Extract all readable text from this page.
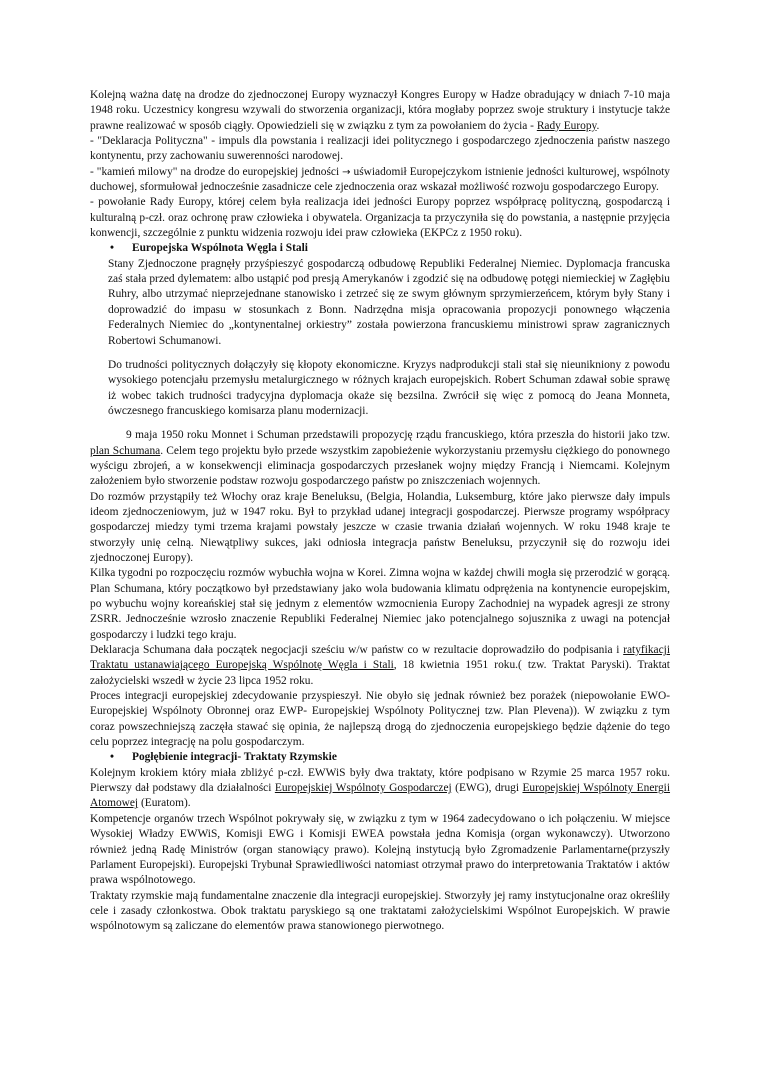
Kolejną ważna datę na drodze do zjednoczonej Europy wyznaczył Kongres Europy w Hadze obradujący w dniach 7-10 maja 1948 roku. Uczestnicy kongresu wzywali do stworzenia organizacji, która mogłaby poprzez swoje struktury i instytucje także prawne realizować w sposób ciągły. Opowiedzieli się w związku z tym za powołaniem do życia - Rady Europy.

- "Deklaracja Polityczna" - impuls dla powstania i realizacji idei politycznego i gospodarczego zjednoczenia państw naszego kontynentu, przy zachowaniu suwerenności narodowej.

- "kamień milowy" na drodze do europejskiej jedności → uświadomił Europejczykom istnienie jedności kulturowej, wspólnoty duchowej, sformułował jednocześnie zasadnicze cele zjednoczenia oraz wskazał możliwość rozwoju gospodarczego Europy.

- powołanie Rady Europy, której celem była realizacja idei jedności Europy poprzez współpracę polityczną, gospodarczą i kulturalną p-czł. oraz ochronę praw człowieka i obywatela. Organizacja ta przyczyniła się do powstania, a następnie przyjęcia konwencji, szczególnie z punktu widzenia rozwoju idei praw człowieka (EKPCz z 1950 roku).

• Europejska Wspólnota Węgla i Stali

Stany Zjednoczone pragnęły przyśpieszyć gospodarczą odbudowę Republiki Federalnej Niemiec. Dyplomacja francuska zaś stała przed dylematem: albo ustąpić pod presją Amerykanów i zgodzić się na odbudowę potęgi niemieckiej w Zagłębiu Ruhry, albo utrzymać nieprzejednane stanowisko i zetrzeć się ze swym głównym sprzymierzeńcem, którym były Stany i doprowadzić do impasu w stosunkach z Bonn. Nadrzędna misja opracowania propozycji ponownego włączenia Federalnych Niemiec do „kontynentalnej orkiestry” została powierzona francuskiemu ministrowi spraw zagranicznych Robertowi Schumanowi.

Do trudności politycznych dołączyły się kłopoty ekonomiczne. Kryzys nadprodukcji stali stał się nieunikniony z powodu wysokiego potencjału przemysłu metalurgicznego w różnych krajach europejskich. Robert Schuman zdawał sobie sprawę iż wobec takich trudności tradycyjna dyplomacja okaże się bezsilna. Zwrócił się więc z pomocą do Jeana Monneta, ówczesnego francuskiego komisarza planu modernizacji.

9 maja 1950 roku Monnet i Schuman przedstawili propozycję rządu francuskiego, która przeszła do historii jako tzw. plan Schumana. Celem tego projektu było przede wszystkim zapobieżenie wykorzystaniu przemysłu ciężkiego do ponownego wyścigu zbrojeń, a w konsekwencji eliminacja gospodarczych przesłanek wojny między Francją i Niemcami. Kolejnym założeniem było stworzenie podstaw rozwoju gospodarczego państw po zniszczeniach wojennych.

Do rozmów przystąpiły też Włochy oraz kraje Beneluksu, (Belgia, Holandia, Luksemburg, które jako pierwsze dały impuls ideom zjednoczeniowym, już w 1947 roku. Był to przykład udanej integracji gospodarczej. Pierwsze programy współpracy gospodarczej miedzy tymi trzema krajami powstały jeszcze w czasie trwania działań wojennych. W roku 1948 kraje te stworzyły unię celną. Niewątpliwy sukces, jaki odniosła integracja państw Beneluksu, przyczynił się do rozwoju idei zjednoczonej Europy).

Kilka tygodni po rozpoczęciu rozmów wybuchła wojna w Korei. Zimna wojna w każdej chwili mogła się przerodzić w gorącą. Plan Schumana, który początkowo był przedstawiany jako wola budowania klimatu odprężenia na kontynencie europejskim, po wybuchu wojny koreańskiej stał się jednym z elementów wzmocnienia Europy Zachodniej na wypadek agresji ze strony ZSRR. Jednocześnie wzrosło znaczenie Republiki Federalnej Niemiec jako potencjalnego sojusznika z uwagi na potencjał gospodarczy i ludzki tego kraju.

Deklaracja Schumana dała początek negocjacji sześciu w/w państw co w rezultacie doprowadziło do podpisania i ratyfikacji Traktatu ustanawiającego Europejską Wspólnotę Węgla i Stali, 18 kwietnia 1951 roku.( tzw. Traktat Paryski). Traktat założycielski wszedł w życie 23 lipca 1952 roku.

Proces integracji europejskiej zdecydowanie przyspieszył. Nie obyło się jednak również bez porażek (niepowołanie EWO- Europejskiej Wspólnoty Obronnej oraz EWP- Europejskiej Wspólnoty Politycznej tzw. Plan Plevena)). W związku z tym coraz powszechniejszą zaczęła stawać się opinia, że najlepszą drogą do zjednoczenia europejskiego będzie dążenie do tego celu poprzez integrację na polu gospodarczym.

• Pogłębienie integracji- Traktaty Rzymskie

Kolejnym krokiem który miała zbliżyć p-czł. EWWiS były dwa traktaty, które podpisano w Rzymie 25 marca 1957 roku. Pierwszy dał podstawy dla działalności Europejskiej Wspólnoty Gospodarczej (EWG), drugi Europejskiej Wspólnoty Energii Atomowej (Euratom).

Kompetencje organów trzech Wspólnot pokrywały się, w związku z tym w 1964 zadecydowano o ich połączeniu. W miejsce Wysokiej Władzy EWWiS, Komisji EWG i Komisji EWEA powstała jedna Komisja (organ wykonawczy). Utworzono również jedną Radę Ministrów (organ stanowiący prawo). Kolejną instytucją było Zgromadzenie Parlamentarne(przyszły Parlament Europejski). Europejski Trybunał Sprawiedliwości natomiast otrzymał prawo do interpretowania Traktatów i aktów prawa wspólnotowego.

Traktaty rzymskie mają fundamentalne znaczenie dla integracji europejskiej. Stworzyły jej ramy instytucjonalne oraz określiły cele i zasady członkostwa. Obok traktatu paryskiego są one traktatami założycielskimi Wspólnot Europejskich. W prawie wspólnotowym są zaliczane do elementów prawa stanowionego pierwotnego.
